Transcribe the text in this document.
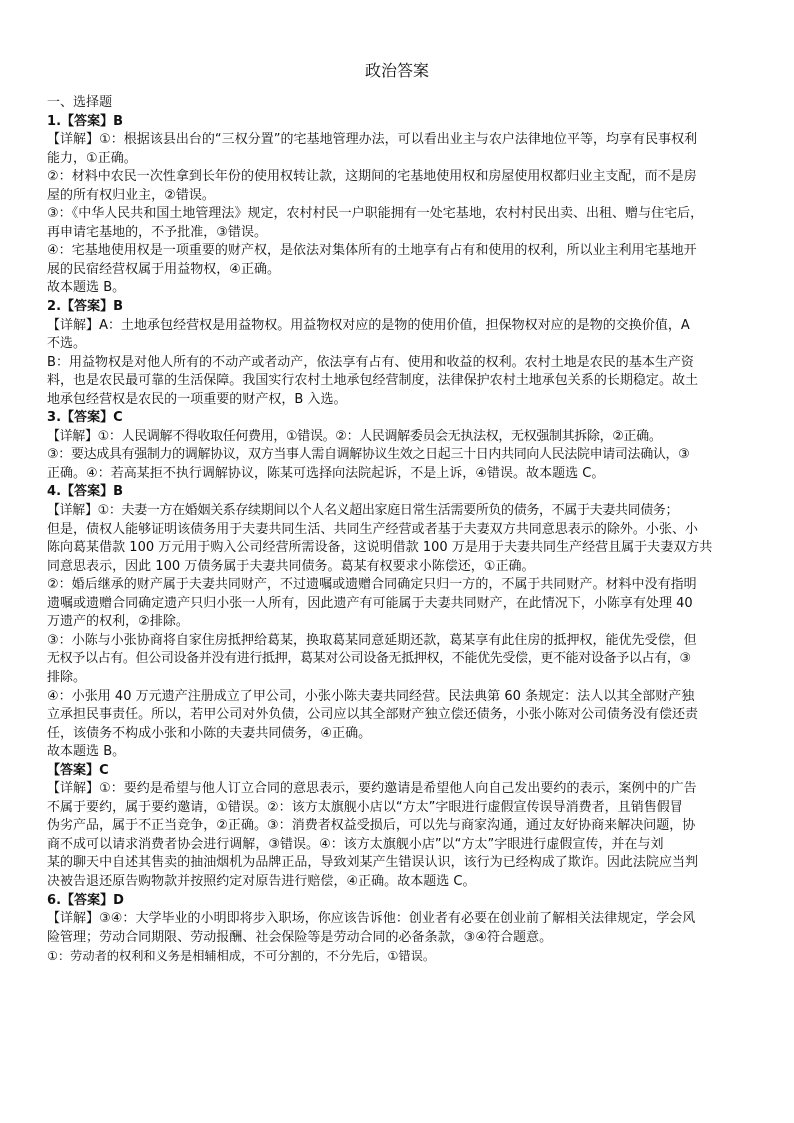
政治答案
一、选择题
1.【答案】B
【详解】①：根据该县出台的“三权分置”的宅基地管理办法，可以看出业主与农户法律地位平等，均享有民事权利
能力，①正确。
②：材料中农民一次性拿到长年份的使用权转让款，这期间的宅基地使用权和房屋使用权都归业主支配，而不是房
屋的所有权归业主，②错误。
③：《中华人民共和国土地管理法》规定，农村村民一户职能拥有一处宅基地，农村村民出卖、出租、赠与住宅后，
再申请宅基地的，不予批准，③错误。
④：宅基地使用权是一项重要的财产权，是依法对集体所有的土地享有占有和使用的权利，所以业主利用宅基地开
展的民宿经营权属于用益物权，④正确。
故本题选 B。
2.【答案】B
【详解】A：土地承包经营权是用益物权。用益物权对应的是物的使用价值，担保物权对应的是物的交换价值，A
不选。
B：用益物权是对他人所有的不动产或者动产，依法享有占有、使用和收益的权利。农村土地是农民的基本生产资
料，也是农民最可靠的生活保障。我国实行农村土地承包经营制度，法律保护农村土地承包关系的长期稳定。故土
地承包经营权是农民的一项重要的财产权，B 入选。
3.【答案】C
【详解】①：人民调解不得收取任何费用，①错误。②：人民调解委员会无执法权，无权强制其拆除，②正确。
③：要达成具有强制力的调解协议，双方当事人需自调解协议生效之日起三十日内共同向人民法院申请司法确认，③
正确。④：若高某拒不执行调解协议，陈某可选择向法院起诉，不是上诉，④错误。故本题选 C。
4.【答案】B
【详解】①：夫妻一方在婚姻关系存续期间以个人名义超出家庭日常生活需要所负的债务，不属于夫妻共同债务；
但是，债权人能够证明该债务用于夫妻共同生活、共同生产经营或者基于夫妻双方共同意思表示的除外。小张、小
陈向葛某借款 100 万元用于购入公司经营所需设备，这说明借款 100 万是用于夫妻共同生产经营且属于夫妻双方共
同意思表示，因此 100 万债务属于夫妻共同债务。葛某有权要求小陈偿还，①正确。
②：婚后继承的财产属于夫妻共同财产，不过遗嘱或遗赠合同确定只归一方的，不属于共同财产。材料中没有指明
遗嘱或遗赠合同确定遗产只归小张一人所有，因此遗产有可能属于夫妻共同财产，在此情况下，小陈享有处理 40
万遗产的权利，②排除。
③：小陈与小张协商将自家住房抵押给葛某，换取葛某同意延期还款，葛某享有此住房的抵押权，能优先受偿，但
无权予以占有。但公司设备并没有进行抵押，葛某对公司设备无抵押权，不能优先受偿，更不能对设备予以占有，③
排除。
④：小张用 40 万元遗产注册成立了甲公司，小张小陈夫妻共同经营。民法典第 60 条规定：法人以其全部财产独
立承担民事责任。所以，若甲公司对外负债，公司应以其全部财产独立偿还债务，小张小陈对公司债务没有偿还责
任，该债务不构成小张和小陈的夫妻共同债务，④正确。
故本题选 B。
【答案】C
【详解】①：要约是希望与他人订立合同的意思表示，要约邀请是希望他人向自己发出要约的表示，案例中的广告
不属于要约，属于要约邀请，①错误。②：该方太旗舰小店以“方太”字眼进行虚假宣传误导消费者，且销售假冒
伪劣产品，属于不正当竞争，②正确。③：消费者权益受损后，可以先与商家沟通，通过友好协商来解决问题，协
商不成可以请求消费者协会进行调解，③错误。④：该方太旗舰小店”以“方太”字眼进行虚假宣传，并在与刘
某的聊天中自述其售卖的抽油烟机为品牌正品，导致刘某产生错误认识，该行为已经构成了欺诈。因此法院应当判
决被告退还原告购物款并按照约定对原告进行赔偿，④正确。故本题选 C。
6.【答案】D
【详解】③④：大学毕业的小明即将步入职场，你应该告诉他：创业者有必要在创业前了解相关法律规定，学会风
险管理；劳动合同期限、劳动报酬、社会保险等是劳动合同的必备条款，③④符合题意。
①：劳动者的权利和义务是相辅相成，不可分割的，不分先后，①错误。
